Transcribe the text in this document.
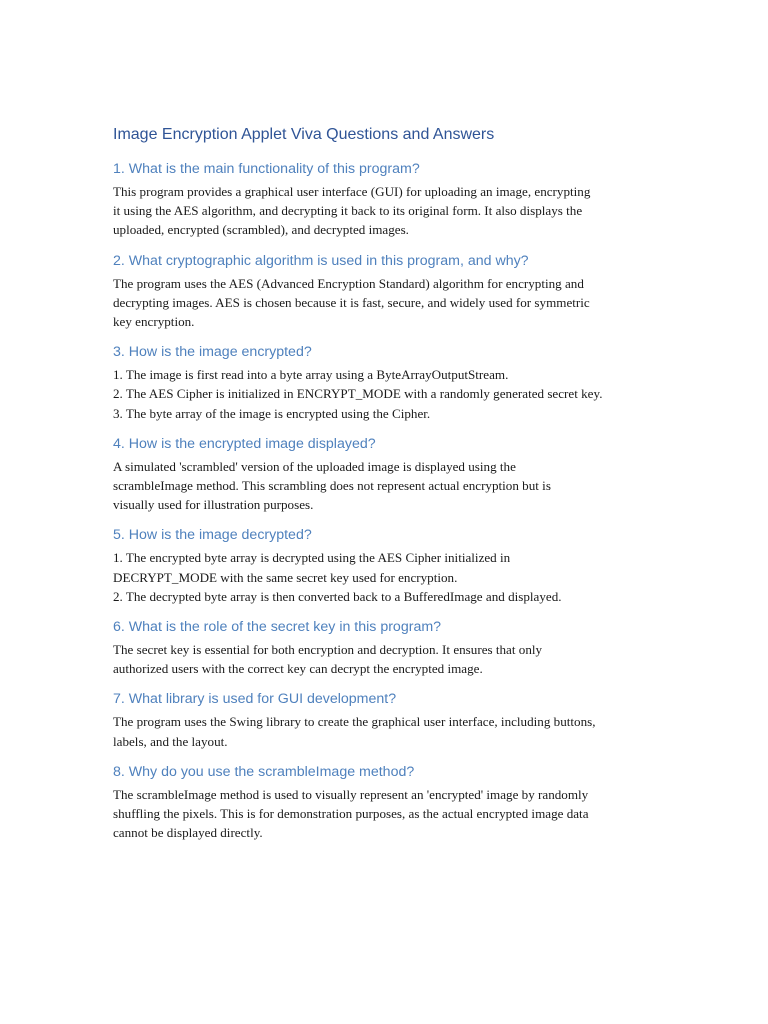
Image Encryption Applet Viva Questions and Answers
1. What is the main functionality of this program?
This program provides a graphical user interface (GUI) for uploading an image, encrypting
it using the AES algorithm, and decrypting it back to its original form. It also displays the
uploaded, encrypted (scrambled), and decrypted images.
2. What cryptographic algorithm is used in this program, and why?
The program uses the AES (Advanced Encryption Standard) algorithm for encrypting and
decrypting images. AES is chosen because it is fast, secure, and widely used for symmetric
key encryption.
3. How is the image encrypted?
1. The image is first read into a byte array using a ByteArrayOutputStream.
2. The AES Cipher is initialized in ENCRYPT_MODE with a randomly generated secret key.
3. The byte array of the image is encrypted using the Cipher.
4. How is the encrypted image displayed?
A simulated 'scrambled' version of the uploaded image is displayed using the
scrambleImage method. This scrambling does not represent actual encryption but is
visually used for illustration purposes.
5. How is the image decrypted?
1. The encrypted byte array is decrypted using the AES Cipher initialized in
DECRYPT_MODE with the same secret key used for encryption.
2. The decrypted byte array is then converted back to a BufferedImage and displayed.
6. What is the role of the secret key in this program?
The secret key is essential for both encryption and decryption. It ensures that only
authorized users with the correct key can decrypt the encrypted image.
7. What library is used for GUI development?
The program uses the Swing library to create the graphical user interface, including buttons,
labels, and the layout.
8. Why do you use the scrambleImage method?
The scrambleImage method is used to visually represent an 'encrypted' image by randomly
shuffling the pixels. This is for demonstration purposes, as the actual encrypted image data
cannot be displayed directly.
